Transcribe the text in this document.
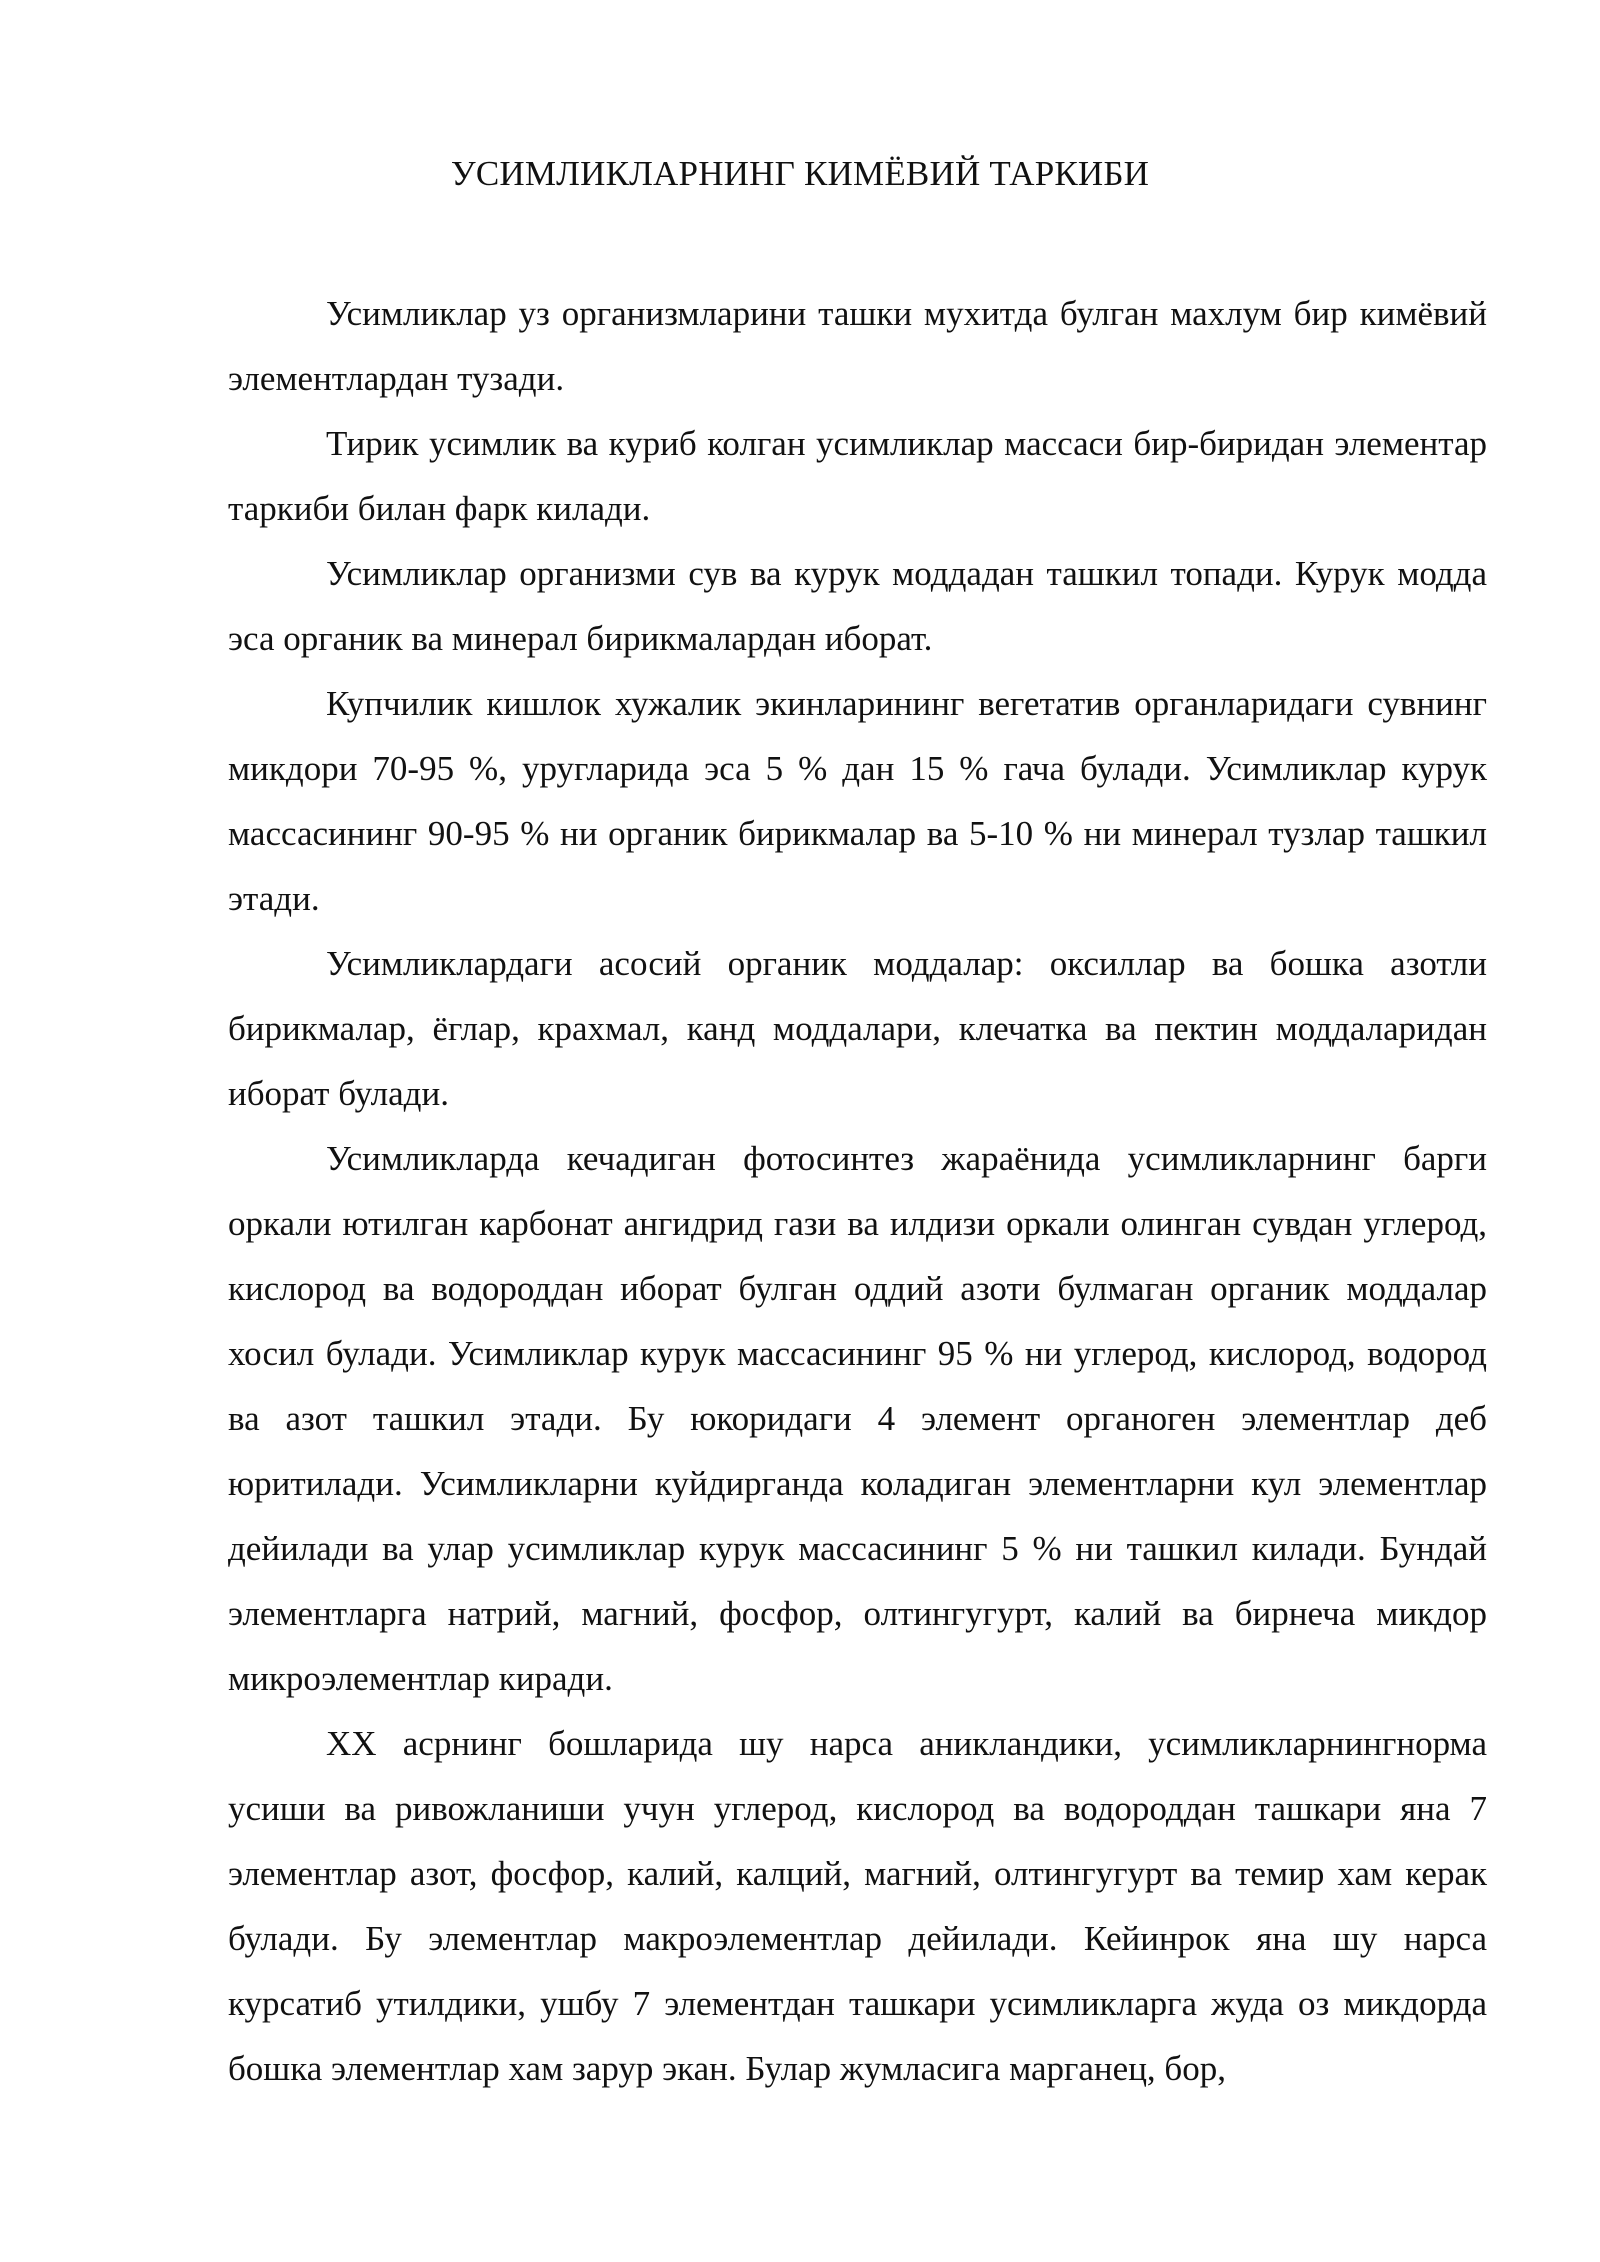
УСИМЛИКЛАРНИНГ КИМЁВИЙ ТАРКИБИ

Усимликлар уз организмларини ташки мухитда булган махлум бир кимёвий элементлардан тузади.

Тирик усимлик ва куриб колган усимликлар массаси бир-биридан элементар таркиби билан фарк килади.

Усимликлар организми сув ва курук моддадан ташкил топади. Курук модда эса органик ва минерал бирикмалардан иборат.

Купчилик кишлок хужалик экинларининг вегетатив органларидаги сувнинг микдори 70-95 %, уругларида эса 5 % дан 15 % гача булади. Усимликлар курук массасининг 90-95 % ни органик бирикмалар ва 5-10 % ни минерал тузлар ташкил этади.

Усимликлардаги асосий органик моддалар: оксиллар ва бошка азотли бирикмалар, ёглар, крахмал, канд моддалари, клечатка ва пектин моддаларидан иборат булади.

Усимликларда кечадиган фотосинтез жараёнида усимликларнинг барги оркали ютилган карбонат ангидрид гази ва илдизи оркали олинган сувдан углерод, кислород ва водороддан иборат булган оддий азоти булмаган органик моддалар хосил булади. Усимликлар курук массасининг 95 % ни углерод, кислород, водород ва азот ташкил этади. Бу юкоридаги 4 элемент органоген элементлар деб юритилади. Усимликларни куйдирганда коладиган элементларни кул элементлар дейилади ва улар усимликлар курук массасининг 5 % ни ташкил килади. Бундай элементларга натрий, магний, фосфор, олтингугурт, калий ва бирнеча микдор микроэлементлар киради.

XX асрнинг бошларида шу нарса аникландики, усимликларнингнорма усиши ва ривожланиши учун углерод, кислород ва водороддан ташкари яна 7 элементлар азот, фосфор, калий, калций, магний, олтингугурт ва темир хам керак булади. Бу элементлар макроэлементлар дейилади. Кейинрок яна шу нарса курсатиб утилдики, ушбу 7 элементдан ташкари усимликларга жуда оз микдорда бошка элементлар хам зарур экан. Булар жумласига марганец, бор,
